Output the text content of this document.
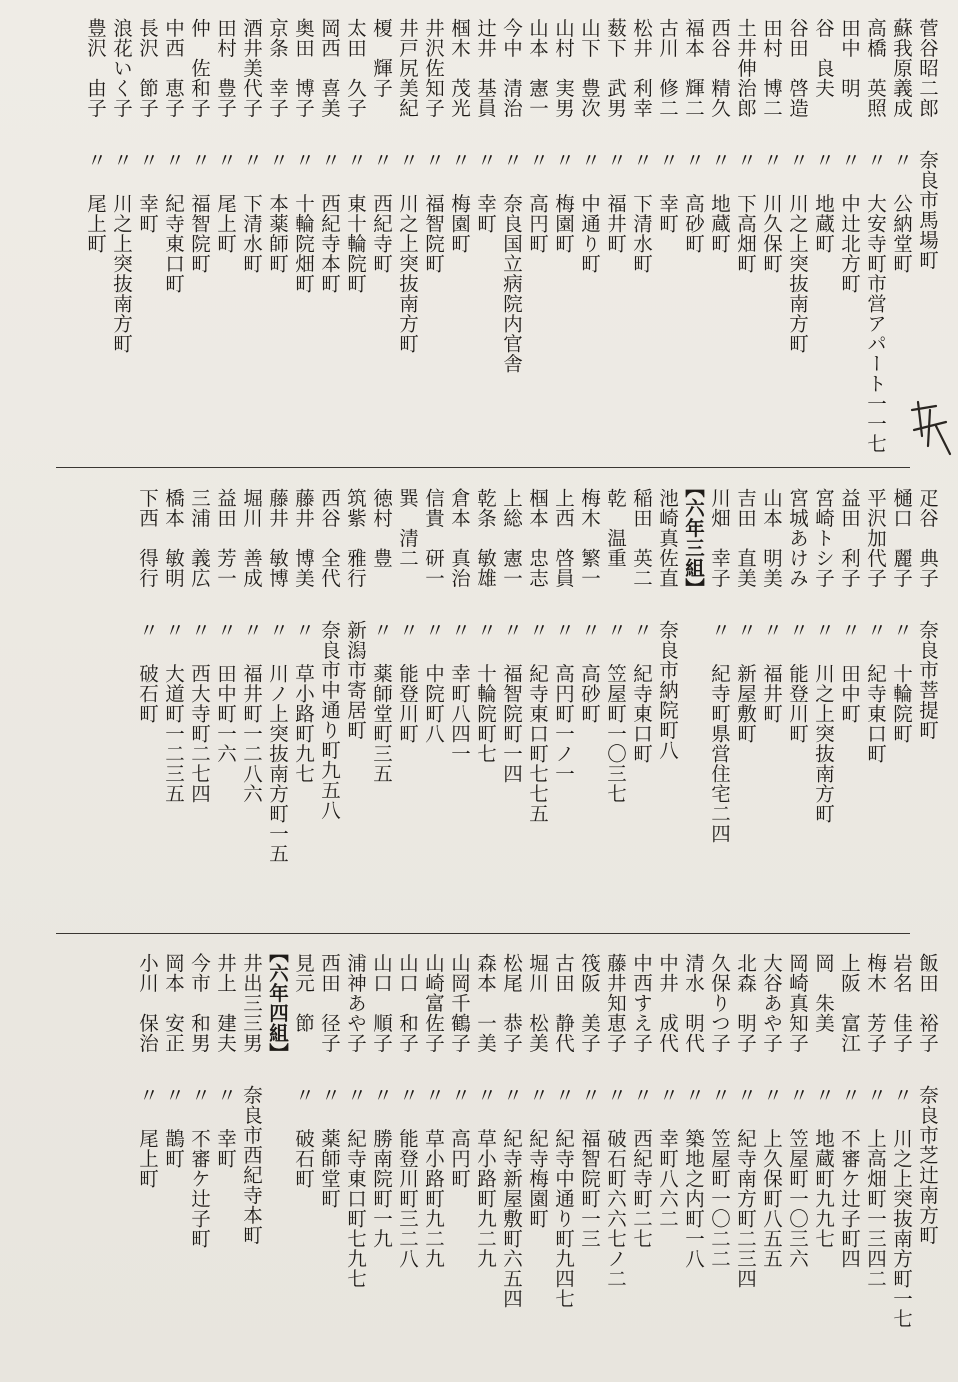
菅谷昭二郎
奈良市馬場町
蘇我原義成
〃 公納堂町
高橋　英照
〃 大安寺町市営アパート一一七
田中　明
〃 中辻北方町
谷　良夫
〃 地蔵町
谷田　啓造
〃 川之上突抜南方町
田村　博二
〃 川久保町
土井伸治郎
〃 下高畑町
西谷　精久
〃 地蔵町
福本　輝二
〃 高砂町
古川　修二
〃 幸町
松井　利幸
〃 下清水町
薮下　武男
〃 福井町
山下　豊次
〃 中通り町
山村　実男
〃 梅園町
山本　憲一
〃 高円町
今中　清治
〃 奈良国立病院内官舎
辻井　基員
〃 幸町
椢木　茂光
〃 梅園町
井沢佐知子
〃 福智院町
井戸尻美紀
〃 川之上突抜南方町
榎　輝子
〃 西紀寺町
太田　久子
〃 東十輪院町
岡西　喜美
〃 西紀寺本町
奥田　博子
〃 十輪院畑町
京条　幸子
〃 本薬師町
酒井美代子
〃 下清水町
田村　豊子
〃 尾上町
仲　佐和子
〃 福智院町
中西　恵子
〃 紀寺東口町
長沢　節子
〃 幸町
浪花いく子
〃 川之上突抜南方町
豊沢　由子
〃 尾上町
疋谷　典子
奈良市菩提町
樋口　麗子
〃 十輪院町
平沢加代子
〃 紀寺東口町
益田　利子
〃 田中町
宮崎トシ子
〃 川之上突抜南方町
宮城あけみ
〃 能登川町
山本　明美
〃 福井町
吉田　直美
〃 新屋敷町
川畑　幸子
〃 紀寺町県営住宅二四
【六年三組】
池崎真佐直
奈良市納院町八
稲田　英二
〃 紀寺東口町
乾　温重
〃 笠屋町一〇三七
梅木　繁一
〃 高砂町
上西　啓員
〃 高円町一ノ一
椢本　忠志
〃 紀寺東口町七七五
上総　憲一
〃 福智院町一四
乾条　敏雄
〃 十輪院町七
倉本　真治
〃 幸町八四一
信貴　研一
〃 中院町八
巽　清二
〃 能登川町
徳村　豊
〃 薬師堂町三五
筑紫　雅行
新潟市寄居町
西谷　全代
奈良市中通り町九五八
藤井　博美
〃 草小路町九七
藤井　敏博
〃 川ノ上突抜南方町一五
堀川　善成
〃 福井町一二八六
益田　芳一
〃 田中町一六
三浦　義広
〃 西大寺町二七四
橋本　敏明
〃 大道町一二三五
下西　得行
〃 破石町
飯田　裕子
奈良市芝辻南方町
岩名　佳子
〃 川之上突抜南方町一七
梅木　芳子
〃 上高畑町一三四二
上阪　富江
〃 不審ケ辻子町四
岡　朱美
〃 地蔵町九九七
岡崎真知子
〃 笠屋町一〇三六
大谷あや子
〃 上久保町八五五
北森　明子
〃 紀寺南方町二三四
久保りつ子
〃 笠屋町一〇二二
清水　明代
〃 築地之内町一八
中井　成代
〃 幸町八六二
中西すえ子
〃 西紀寺町二七
藤井知恵子
〃 破石町六六七ノ二
筏阪　美子
〃 福智院町一三
古田　静代
〃 紀寺中通り町九四七
堀川　松美
〃 紀寺梅園町
松尾　恭子
〃 紀寺新屋敷町六五四
森本　一美
〃 草小路町九二九
山岡千鶴子
〃 高円町
山崎富佐子
〃 草小路町九二九
山口　和子
〃 能登川町三二八
山口　順子
〃 勝南院町一九
浦神あや子
〃 紀寺東口町七九七
西田　径子
〃 薬師堂町
見元　節
〃 破石町
【六年四組】
井出三三男
奈良市西紀寺本町
井上　建夫
〃 幸町
今市　和男
〃 不審ケ辻子町
岡本　安正
〃 鵲町
小川　保治
〃 尾上町
